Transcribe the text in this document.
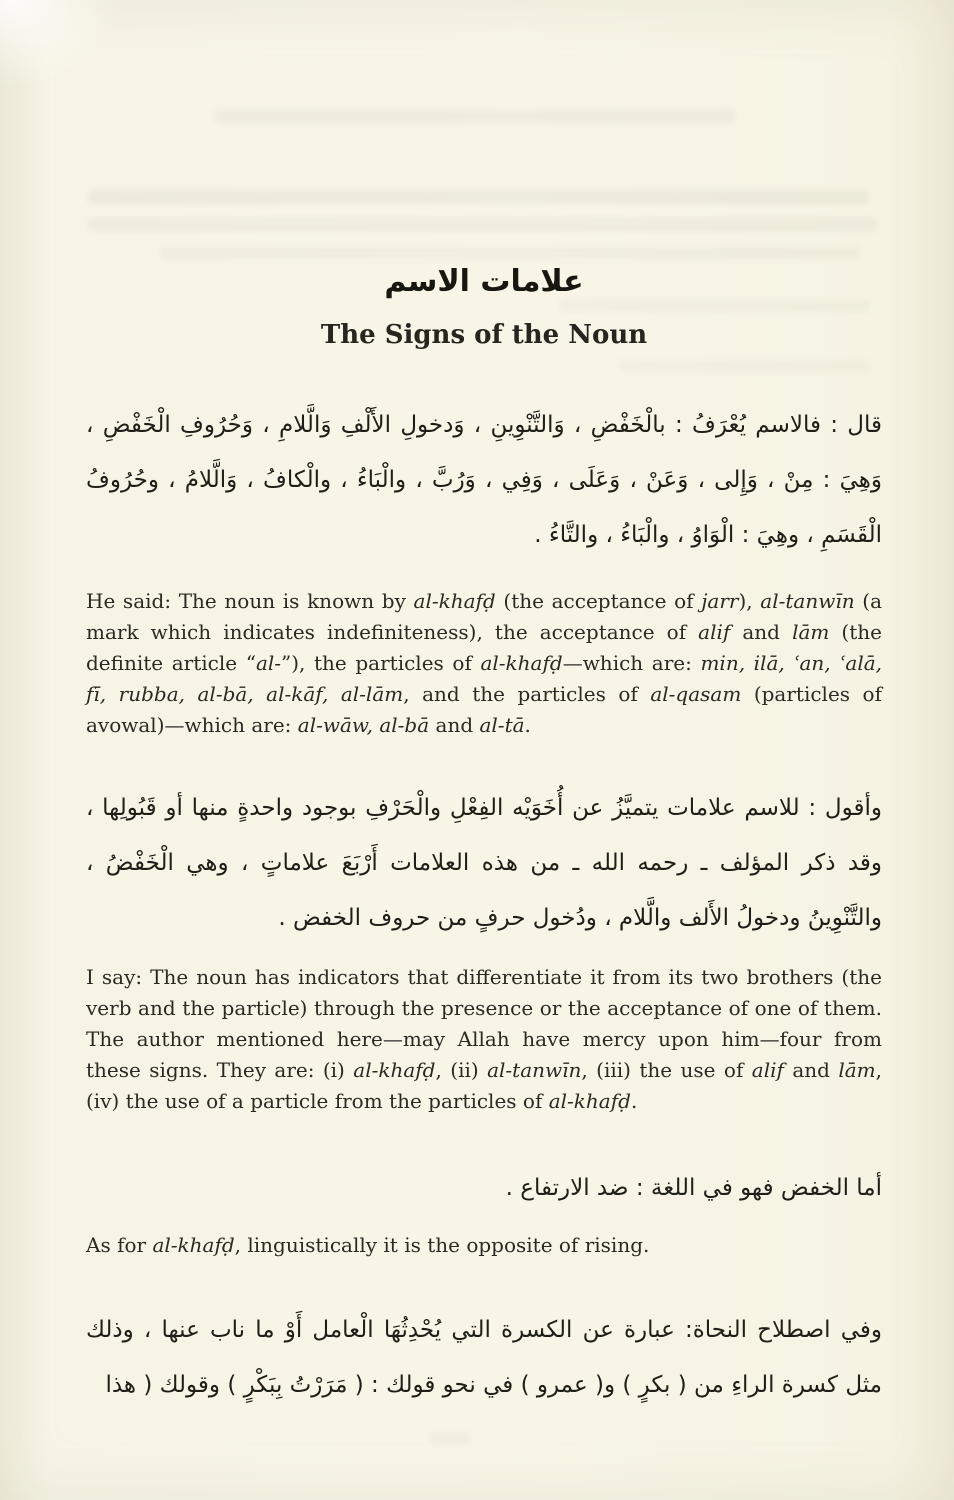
علامات الاسم
The Signs of the Noun

قال : فالاسم يُعْرَفُ : بالْخَفْضِ ، وَالتَّنْوِينِ ، وَدخولِ الأَلْفِ وَالَّلامِ ، وَحُرُوفِ الْخَفْضِ ، وَهِيَ : مِنْ ، وَإِلى ، وَعَنْ ، وَعَلَى ، وَفِي ، وَرُبَّ ، والْبَاءُ ، والْكافُ ، وَالَّلامُ ، وحُرُوفُ الْقَسَمِ ، وهِيَ : الْوَاوُ ، والْبَاءُ ، والتَّاءُ .

He said: The noun is known by al-khafḍ (the acceptance of jarr), al-tanwīn (a mark which indicates indefiniteness), the acceptance of alif and lām (the definite article “al-”), the particles of al-khafḍ—which are: min, ilā, ʿan, ʿalā, fī, rubba, al-bā, al-kāf, al-lām, and the particles of al-qasam (particles of avowal)—which are: al-wāw, al-bā and al-tā.

وأقول : للاسم علامات يتميَّزُ عن أُخَوَيْه الفِعْلِ والْحَرْفِ بوجود واحدةٍ منها أو قَبُولِها ، وقد ذكر المؤلف ـ رحمه الله ـ من هذه العلامات أَرْبَعَ علاماتٍ ، وهي الْخَفْضُ ، والتَّنْوِينُ ودخولُ الأَلف والَّلام ، ودُخول حرفٍ من حروف الخفض .

I say: The noun has indicators that differentiate it from its two brothers (the verb and the particle) through the presence or the acceptance of one of them. The author mentioned here—may Allah have mercy upon him—four from these signs. They are: (i) al-khafḍ, (ii) al-tanwīn, (iii) the use of alif and lām, (iv) the use of a particle from the particles of al-khafḍ.

أما الخفض فهو في اللغة : ضد الارتفاع .

As for al-khafḍ, linguistically it is the opposite of rising.

وفي اصطلاح النحاة: عبارة عن الكسرة التي يُحْدِثُهَا الْعامل أَوْ ما ناب عنها ، وذلك مثل كسرة الراءِ من ( بكرٍ ) و( عمرو ) في نحو قولك : ( مَرَرْتُ بِبَكْرٍ ) وقولك ( هذا
